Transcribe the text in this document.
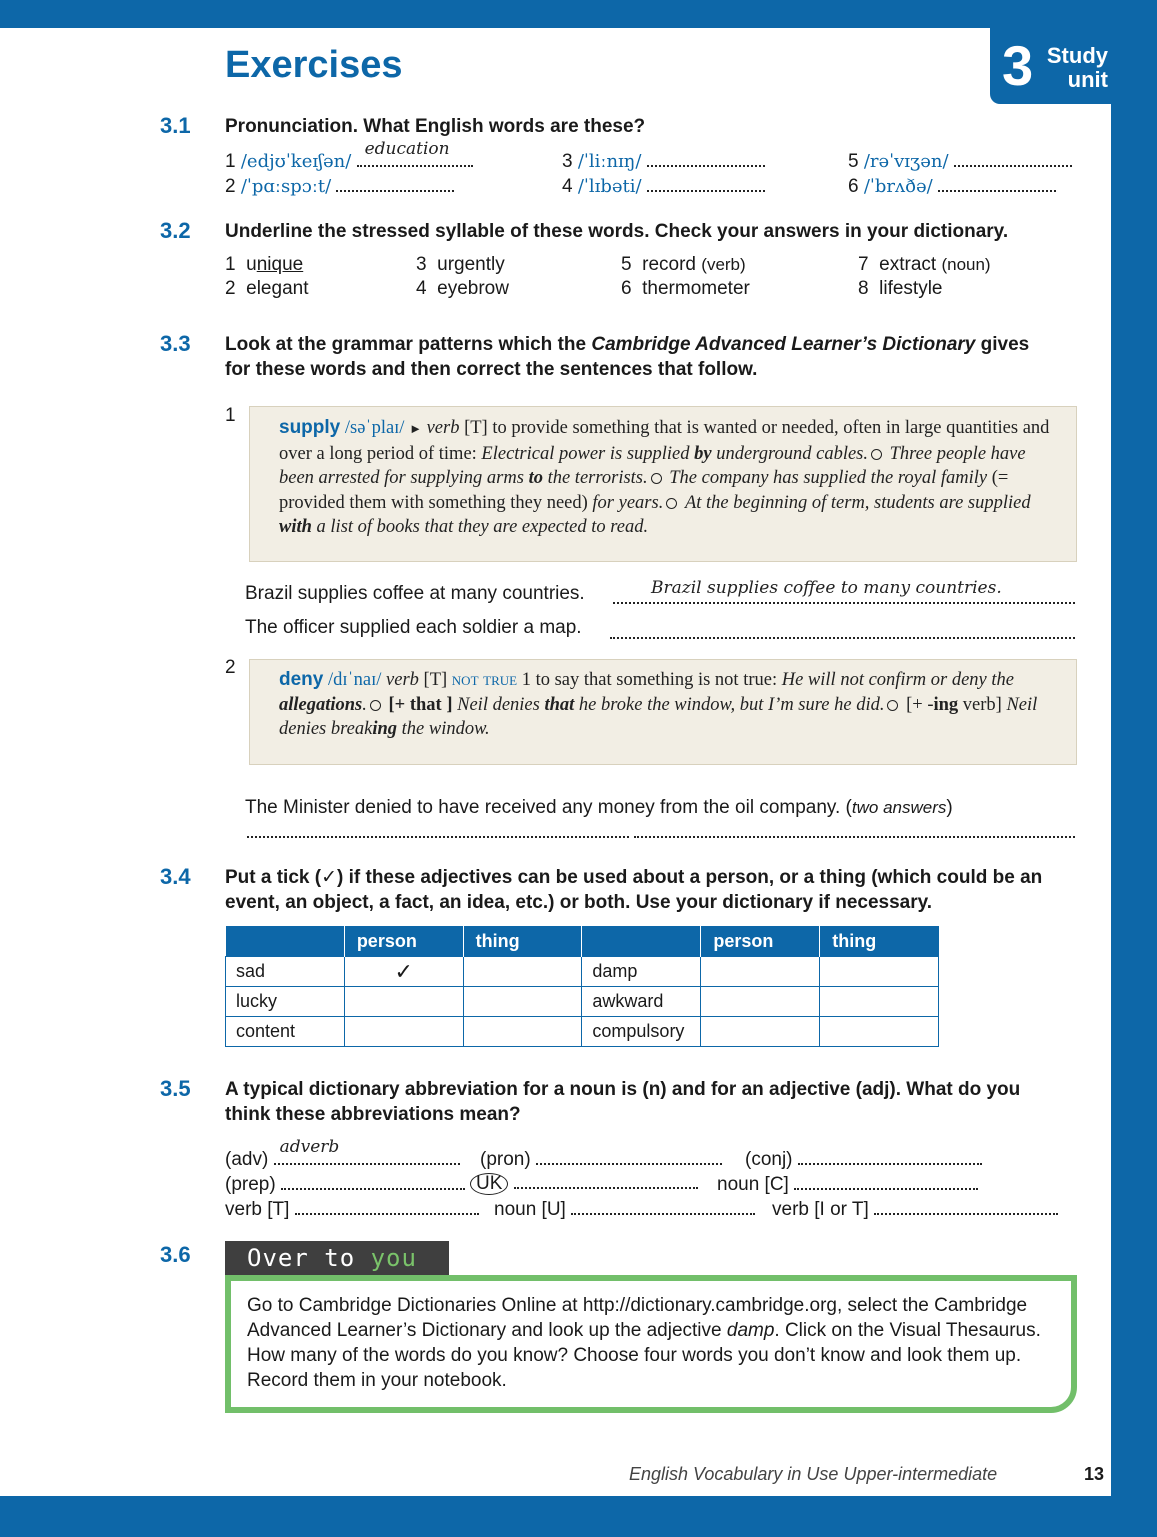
3 Study
unit
Exercises
3.1 Pronunciation. What English words are these?
1 /edjʊˈkeɪʃən/
education
2 /ˈpɑːspɔːt/
3 /ˈliːnɪŋ/
4 /ˈlɪbəti/
5 /rəˈvɪʒən/
6 /ˈbrʌðə/
3.2 Underline the stressed syllable of these words. Check your answers in your dictionary.
1 unique
2 elegant
3 urgently
4 eyebrow
5 record (verb)
6 thermometer
7 extract (noun)
8 lifestyle
3.3 Look at the grammar patterns which the Cambridge Advanced Learner’s Dictionary gives for these words and then correct the sentences that follow.
1
supply /səˈplaɪ/ ► verb [T] to provide something that is wanted or needed, often in large quantities and over a long period of time: Electrical power is supplied by underground cables. Three people have been arrested for supplying arms to the terrorists. The company has supplied the royal family (= provided them with something they need) for years. At the beginning of term, students are supplied with a list of books that they are expected to read.
Brazil supplies coffee at many countries.	Brazil supplies coffee to many countries.
The officer supplied each soldier a map.
2
deny /dɪˈnaɪ/ verb [T] not true 1 to say that something is not true: He will not confirm or deny the allegations. [+ that ] Neil denies that he broke the window, but I’m sure he did. [+ -ing verb] Neil denies breaking the window.
The Minister denied to have received any money from the oil company. (two answers)
3.4 Put a tick (✓) if these adjectives can be used about a person, or a thing (which could be an event, an object, a fact, an idea, etc.) or both. Use your dictionary if necessary.
	person	thing		person	thing
sad	✓		damp		
lucky			awkward		
content			compulsory		
3.5 A typical dictionary abbreviation for a noun is (n) and for an adjective (adj). What do you think these abbreviations mean?
(adv)
adverb
(pron)	(conj)
(prep)	UK	noun [C]
verb [T]	noun [U]	verb [I or T]
3.6	Over to you
Go to Cambridge Dictionaries Online at http://dictionary.cambridge.org, select the Cambridge Advanced Learner’s Dictionary and look up the adjective damp. Click on the Visual Thesaurus. How many of the words do you know? Choose four words you don’t know and look them up. Record them in your notebook.
English Vocabulary in Use Upper-intermediate	13
